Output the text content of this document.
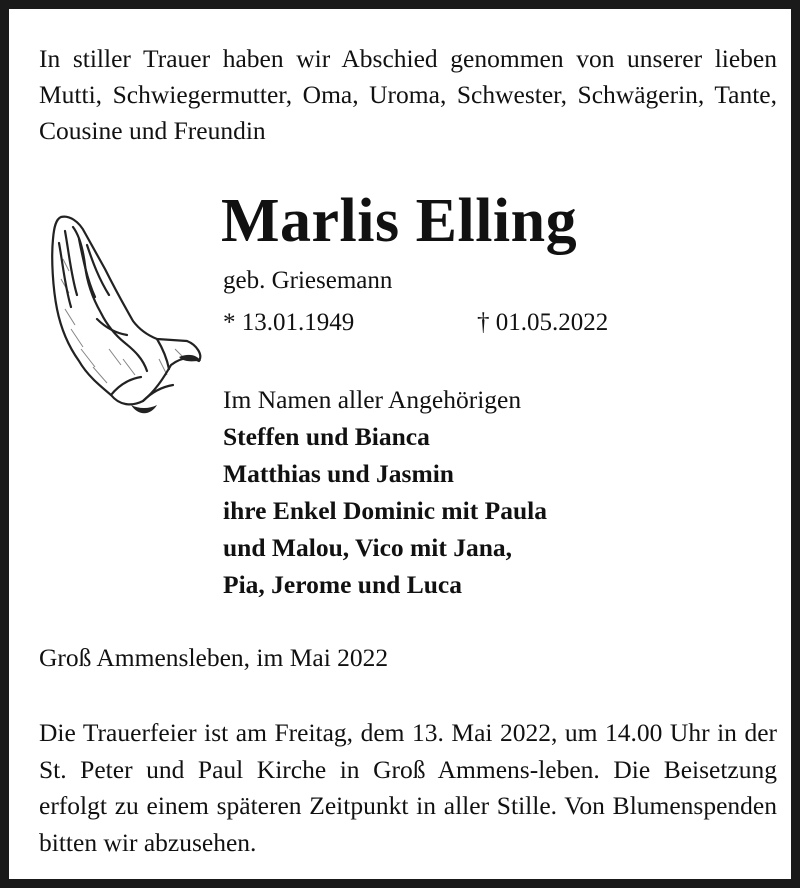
In stiller Trauer haben wir Abschied genommen von unserer lieben Mutti, Schwiegermutter, Oma, Uroma, Schwester, Schwägerin, Tante, Cousine und Freundin
Marlis Elling
geb. Griesemann
* 13.01.1949	† 01.05.2022
Im Namen aller Angehörigen
Steffen und Bianca
Matthias und Jasmin
ihre Enkel Dominic mit Paula
und Malou, Vico mit Jana,
Pia, Jerome und Luca
Groß Ammensleben, im Mai 2022
Die Trauerfeier ist am Freitag, dem 13. Mai 2022, um 14.00 Uhr in der St. Peter und Paul Kirche in Groß Ammens-leben. Die Beisetzung erfolgt zu einem späteren Zeitpunkt in aller Stille. Von Blumenspenden bitten wir abzusehen.
